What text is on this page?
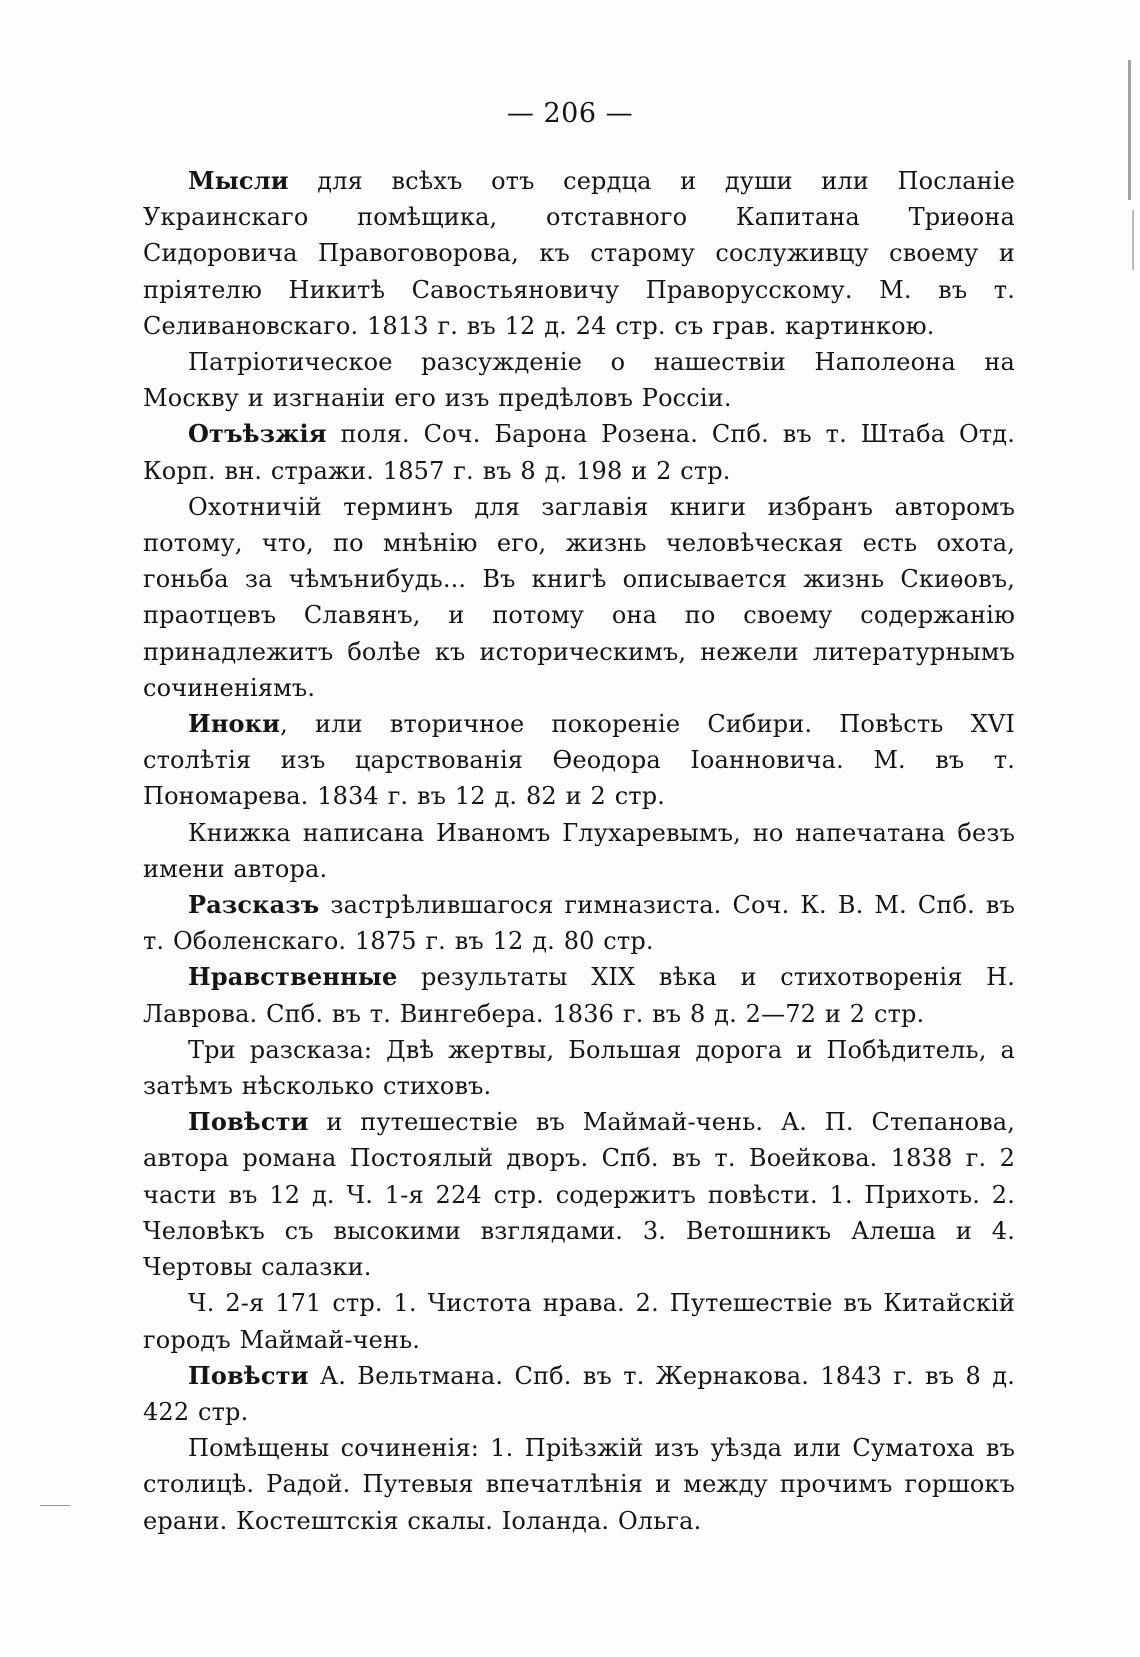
— 206 —

Мысли для всѣхъ отъ сердца и души или Посланіе Украинскаго помѣщика, отставного Капитана Триѳона Сидоровича Правоговорова, къ старому сослуживцу своему и пріятелю Никитѣ Савостьяновичу Праворусскому. М. въ т. Селивановскаго. 1813 г. въ 12 д. 24 стр. съ грав. картинкою.

Патріотическое разсужденіе о нашествіи Наполеона на Москву и изгнаніи его изъ предѣловъ Россіи.

Отъѣзжія поля. Соч. Барона Розена. Спб. въ т. Штаба Отд. Корп. вн. стражи. 1857 г. въ 8 д. 198 и 2 стр.

Охотничій терминъ для заглавія книги избранъ авторомъ потому, что, по мнѣнію его, жизнь человѣческая есть охота, гоньба за чѣмънибудь... Въ книгѣ описывается жизнь Скиѳовъ, праотцевъ Славянъ, и потому она по своему содержанію принадлежитъ болѣе къ историческимъ, нежели литературнымъ сочиненіямъ.

Иноки, или вторичное покореніе Сибири. Повѣсть XVI столѣтія изъ царствованія Ѳеодора Іоанновича. М. въ т. Пономарева. 1834 г. въ 12 д. 82 и 2 стр.

Книжка написана Иваномъ Глухаревымъ, но напечатана безъ имени автора.

Разсказъ застрѣлившагося гимназиста. Соч. К. В. М. Спб. въ т. Оболенскаго. 1875 г. въ 12 д. 80 стр.

Нравственные результаты XIX вѣка и стихотворенія Н. Лаврова. Спб. въ т. Вингебера. 1836 г. въ 8 д. 2—72 и 2 стр.

Три разсказа: Двѣ жертвы, Большая дорога и Побѣдитель, а затѣмъ нѣсколько стиховъ.

Повѣсти и путешествіе въ Маймай-чень. А. П. Степанова, автора романа Постоялый дворъ. Спб. въ т. Воейкова. 1838 г. 2 части въ 12 д. Ч. 1-я 224 стр. содержитъ повѣсти. 1. Прихоть. 2. Человѣкъ съ высокими взглядами. 3. Ветошникъ Алеша и 4. Чертовы салазки.

Ч. 2-я 171 стр. 1. Чистота нрава. 2. Путешествіе въ Китайскій городъ Маймай-чень.

Повѣсти А. Вельтмана. Спб. въ т. Жернакова. 1843 г. въ 8 д. 422 стр.

Помѣщены сочиненія: 1. Пріѣзжій изъ уѣзда или Суматоха въ столицѣ. Радой. Путевыя впечатлѣнія и между прочимъ горшокъ ерани. Костештскія скалы. Іоланда. Ольга.
